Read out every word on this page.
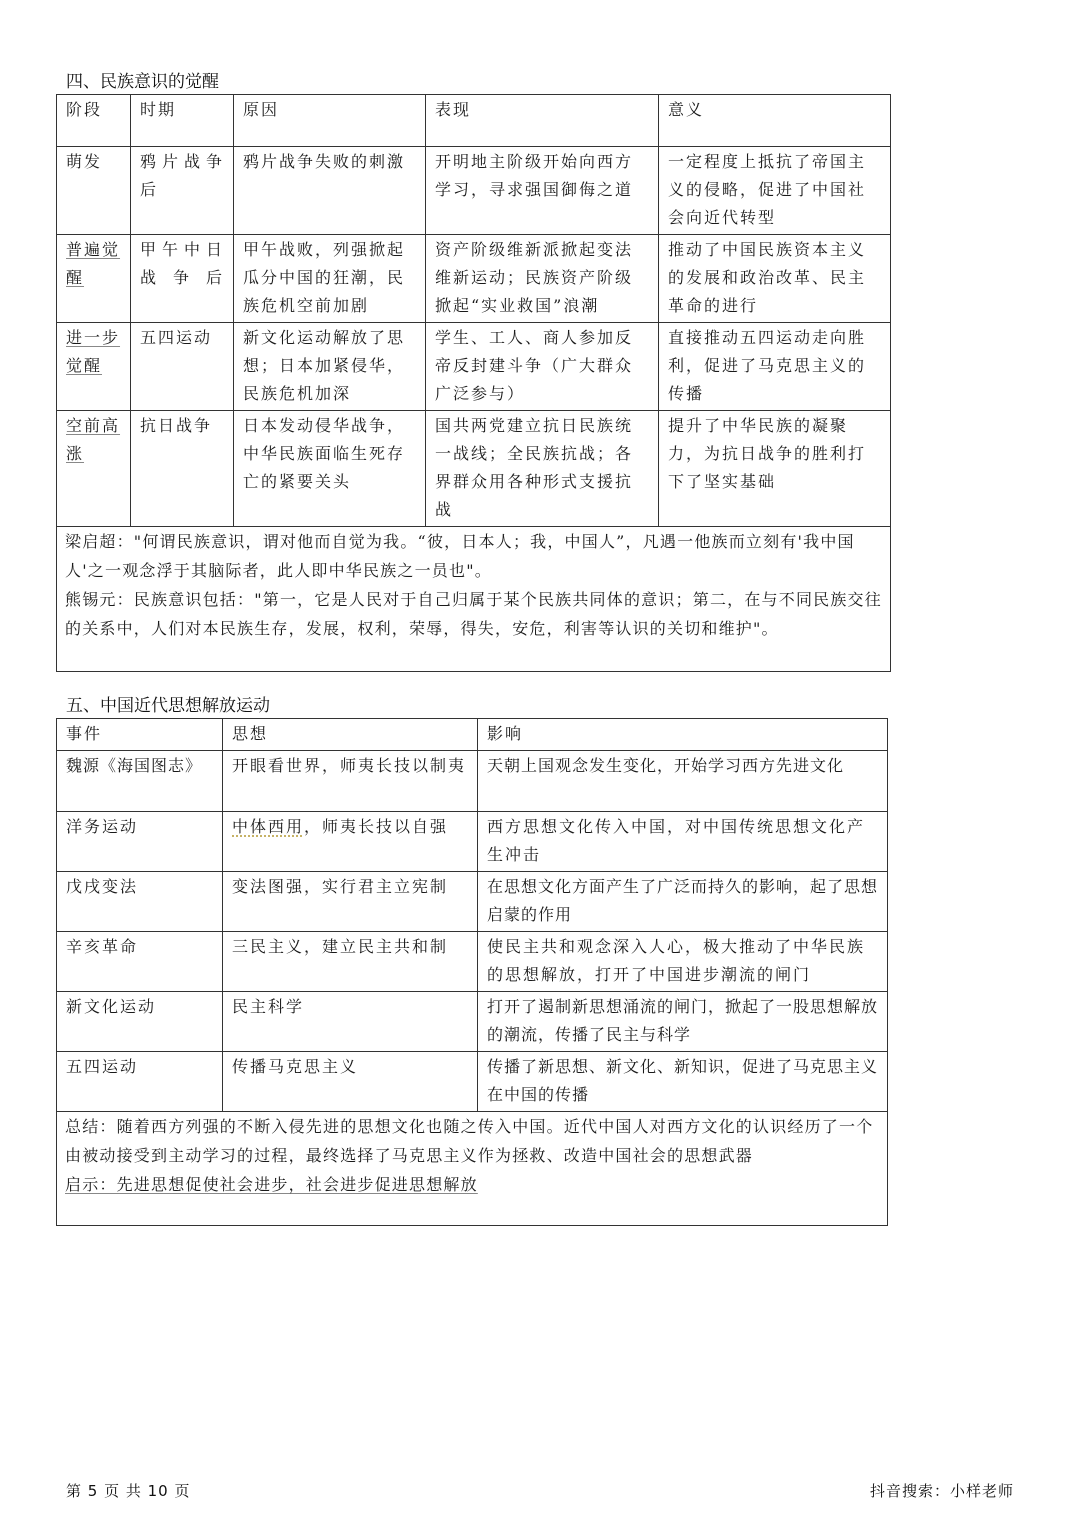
四、民族意识的觉醒
阶段	时期	原因	表现	意义
萌发	鸦片战争后	鸦片战争失败的刺激	开明地主阶级开始向西方学习，寻求强国御侮之道	一定程度上抵抗了帝国主义的侵略，促进了中国社会向近代转型
普遍觉醒	甲午中日战争后	甲午战败，列强掀起瓜分中国的狂潮，民族危机空前加剧	资产阶级维新派掀起变法维新运动；民族资产阶级掀起“实业救国”浪潮	推动了中国民族资本主义的发展和政治改革、民主革命的进行
进一步觉醒	五四运动	新文化运动解放了思想；日本加紧侵华，民族危机加深	学生、工人、商人参加反帝反封建斗争（广大群众广泛参与）	直接推动五四运动走向胜利，促进了马克思主义的传播
空前高涨	抗日战争	日本发动侵华战争，中华民族面临生死存亡的紧要关头	国共两党建立抗日民族统一战线；全民族抗战；各界群众用各种形式支援抗战	提升了中华民族的凝聚力，为抗日战争的胜利打下了坚实基础

梁启超："何谓民族意识，谓对他而自觉为我。“彼，日本人；我，中国人”，凡遇一他族而立刻有'我中国人'之一观念浮于其脑际者，此人即中华民族之一员也"。
熊锡元：民族意识包括："第一，它是人民对于自己归属于某个民族共同体的意识；第二，在与不同民族交往的关系中，人们对本民族生存，发展，权利，荣辱，得失，安危，利害等认识的关切和维护"。				
五、中国近代思想解放运动
事件	思想	影响
魏源《海国图志》	开眼看世界，师夷长技以制夷	天朝上国观念发生变化，开始学习西方先进文化
洋务运动	中体西用，师夷长技以自强	西方思想文化传入中国，对中国传统思想文化产生冲击
戊戌变法	变法图强，实行君主立宪制	在思想文化方面产生了广泛而持久的影响，起了思想启蒙的作用
辛亥革命	三民主义，建立民主共和制	使民主共和观念深入人心，极大推动了中华民族的思想解放，打开了中国进步潮流的闸门
新文化运动	民主科学	打开了遏制新思想涌流的闸门，掀起了一股思想解放的潮流，传播了民主与科学
五四运动	传播马克思主义	传播了新思想、新文化、新知识，促进了马克思主义在中国的传播

总结：随着西方列强的不断入侵先进的思想文化也随之传入中国。近代中国人对西方文化的认识经历了一个由被动接受到主动学习的过程，最终选择了马克思主义作为拯救、改造中国社会的思想武器
启示：先进思想促使社会进步，社会进步促进思想解放		
第 5 页 共 10 页	抖音搜索：小样老师
